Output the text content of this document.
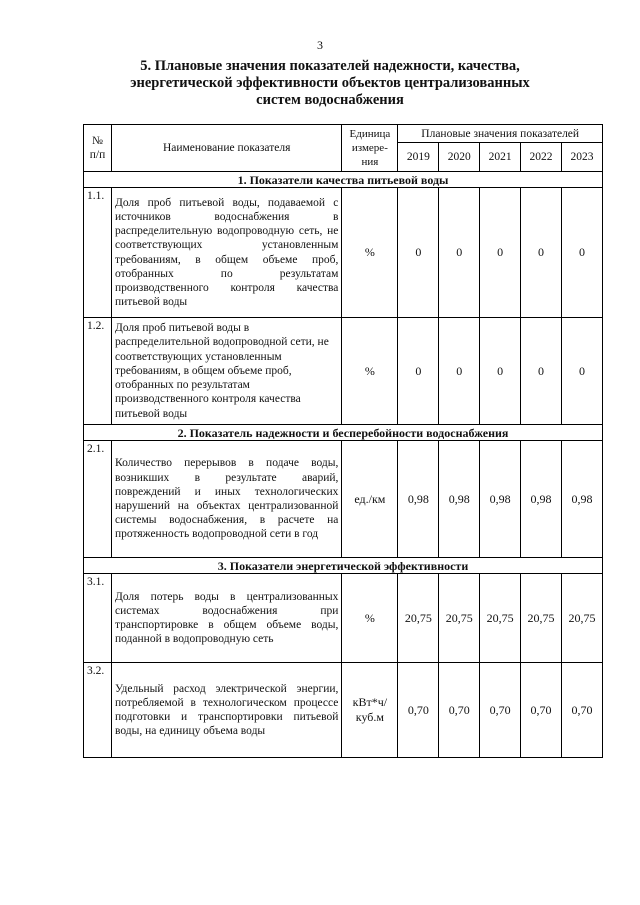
3
5. Плановые значения показателей надежности, качества,
энергетической эффективности объектов централизованных
систем водоснабжения
№ п/п	Наименование показателя	Единица измере-ния	Плановые значения показателей				
			2019	2020	2021	2022	2023
1. Показатели качества питьевой воды							
1.1.	Доля проб питьевой воды, подаваемой с источников водоснабжения в распределительную водопроводную сеть, не соответствующих установленным требованиям, в общем объеме проб, отобранных по результатам производственного контроля качества питьевой воды	%	0	0	0	0	0
1.2.	Доля проб питьевой воды в распределительной водопроводной сети, не соответствующих установленным требованиям, в общем объеме проб, отобранных по результатам производственного контроля качества питьевой воды	%	0	0	0	0	0
2. Показатель надежности и бесперебойности водоснабжения							
2.1.	Количество перерывов в подаче воды, возникших в результате аварий, повреждений и иных технологических нарушений на объектах централизованной системы водоснабжения, в расчете на протяженность водопроводной сети в год	ед./км	0,98	0,98	0,98	0,98	0,98
3. Показатели энергетической эффективности							
3.1.	Доля потерь воды в централизованных системах водоснабжения при транспортировке в общем объеме воды, поданной в водопроводную сеть	%	20,75	20,75	20,75	20,75	20,75
3.2.	Удельный расход электрической энергии, потребляемой в технологическом процессе подготовки и транспортировки питьевой воды, на единицу объема воды	кВт*ч/ куб.м	0,70	0,70	0,70	0,70	0,70
